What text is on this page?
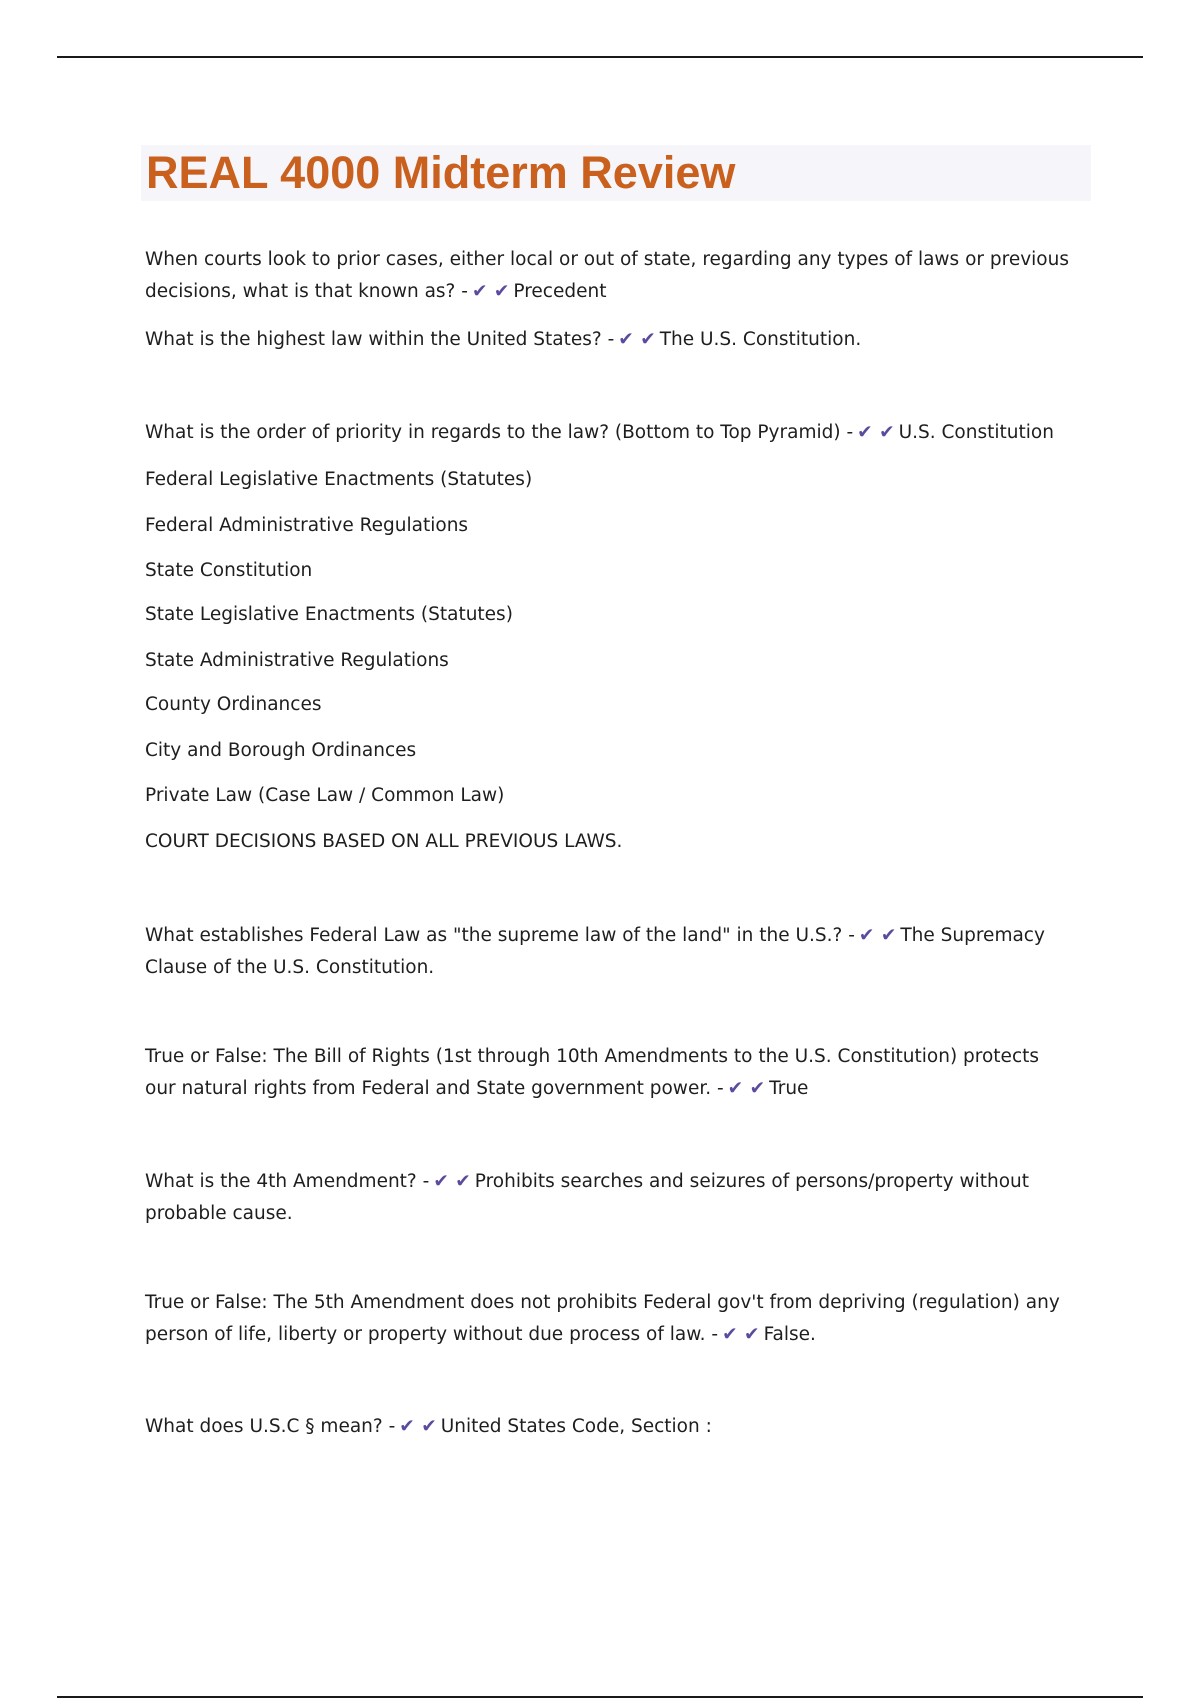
REAL 4000 Midterm Review

When courts look to prior cases, either local or out of state, regarding any types of laws or previous decisions, what is that known as? - ✔ ✔ Precedent

What is the highest law within the United States? - ✔ ✔ The U.S. Constitution.

What is the order of priority in regards to the law? (Bottom to Top Pyramid) - ✔ ✔ U.S. Constitution

Federal Legislative Enactments (Statutes)

Federal Administrative Regulations

State Constitution

State Legislative Enactments (Statutes)

State Administrative Regulations

County Ordinances

City and Borough Ordinances

Private Law (Case Law / Common Law)

COURT DECISIONS BASED ON ALL PREVIOUS LAWS.

What establishes Federal Law as "the supreme law of the land" in the U.S.? - ✔ ✔ The Supremacy Clause of the U.S. Constitution.

True or False: The Bill of Rights (1st through 10th Amendments to the U.S. Constitution) protects our natural rights from Federal and State government power. - ✔ ✔ True

What is the 4th Amendment? - ✔ ✔ Prohibits searches and seizures of persons/property without probable cause.

True or False: The 5th Amendment does not prohibits Federal gov't from depriving (regulation) any person of life, liberty or property without due process of law. - ✔ ✔ False.

What does U.S.C § mean? - ✔ ✔ United States Code, Section :
